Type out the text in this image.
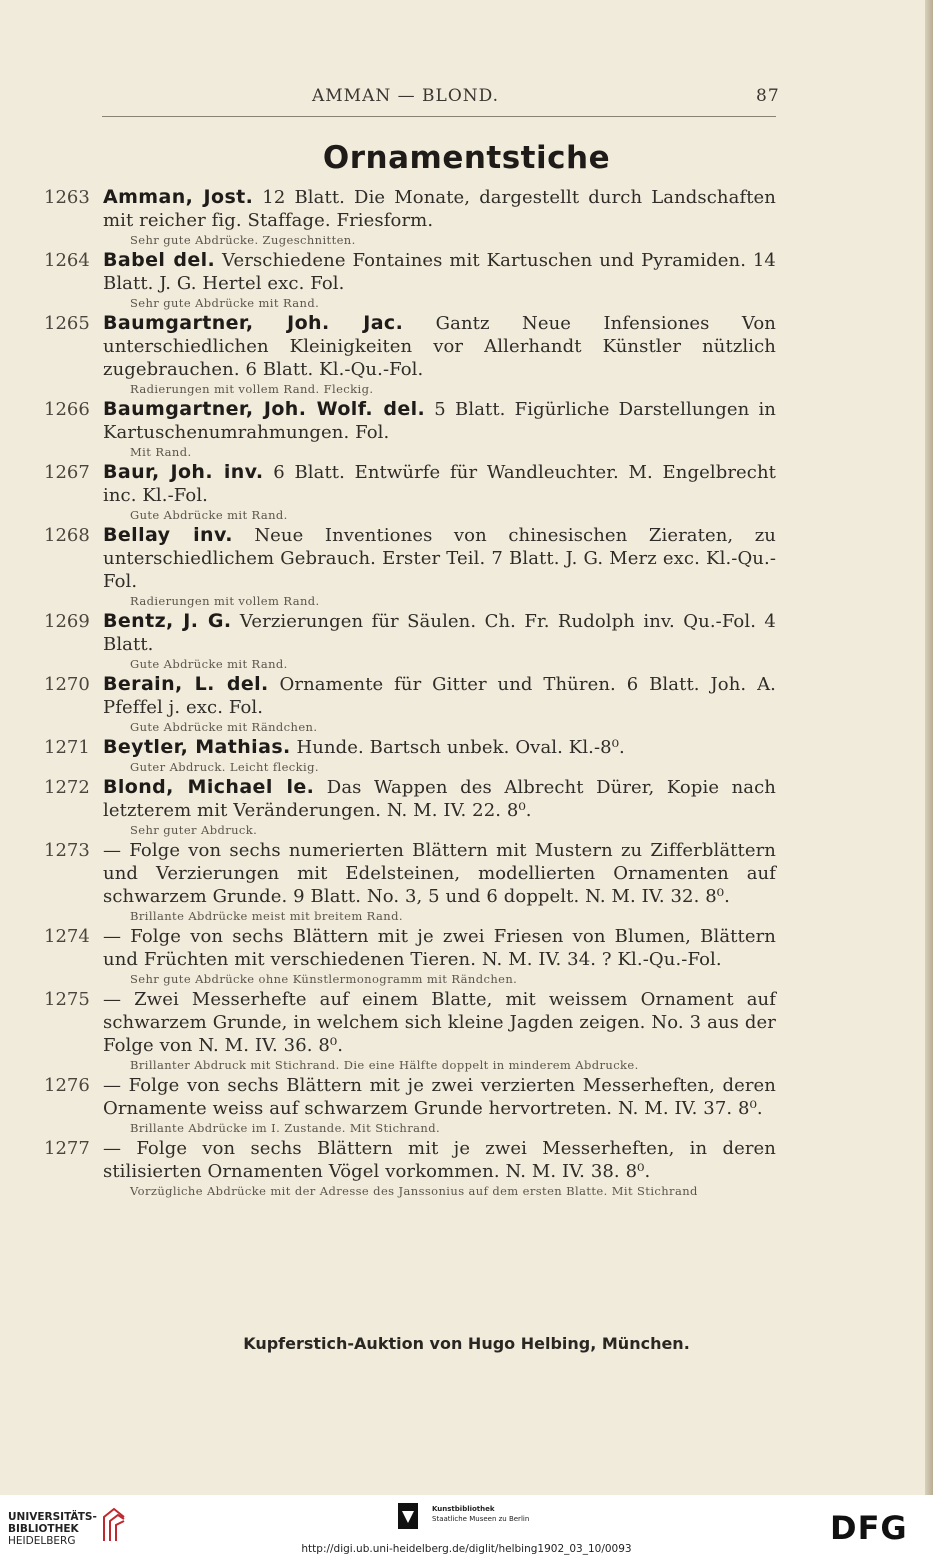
AMMAN — BLOND.	87
Ornamentstiche
1263 Amman, Jost. 12 Blatt. Die Monate, dargestellt durch Landschaften mit reicher fig. Staffage. Friesform.
Sehr gute Abdrücke. Zugeschnitten.
1264 Babel del. Verschiedene Fontaines mit Kartuschen und Pyramiden. 14 Blatt. J. G. Hertel exc. Fol.
Sehr gute Abdrücke mit Rand.
1265 Baumgartner, Joh. Jac. Gantz Neue Infensiones Von unterschiedlichen Kleinigkeiten vor Allerhandt Künstler nützlich zugebrauchen. 6 Blatt. Kl.-Qu.-Fol.
Radierungen mit vollem Rand. Fleckig.
1266 Baumgartner, Joh. Wolf. del. 5 Blatt. Figürliche Darstellungen in Kartuschenumrahmungen. Fol.
Mit Rand.
1267 Baur, Joh. inv. 6 Blatt. Entwürfe für Wandleuchter. M. Engelbrecht inc. Kl.-Fol.
Gute Abdrücke mit Rand.
1268 Bellay inv. Neue Inventiones von chinesischen Zieraten, zu unterschiedlichem Gebrauch. Erster Teil. 7 Blatt. J. G. Merz exc. Kl.-Qu.-Fol.
Radierungen mit vollem Rand.
1269 Bentz, J. G. Verzierungen für Säulen. Ch. Fr. Rudolph inv. Qu.-Fol. 4 Blatt.
Gute Abdrücke mit Rand.
1270 Berain, L. del. Ornamente für Gitter und Thüren. 6 Blatt. Joh. A. Pfeffel j. exc. Fol.
Gute Abdrücke mit Rändchen.
1271 Beytler, Mathias. Hunde. Bartsch unbek. Oval. Kl.-8⁰.
Guter Abdruck. Leicht fleckig.
1272 Blond, Michael le. Das Wappen des Albrecht Dürer, Kopie nach letzterem mit Veränderungen. N. M. IV. 22. 8⁰.
Sehr guter Abdruck.
1273 — Folge von sechs numerierten Blättern mit Mustern zu Zifferblättern und Verzierungen mit Edelsteinen, modellierten Ornamenten auf schwarzem Grunde. 9 Blatt. No. 3, 5 und 6 doppelt. N. M. IV. 32. 8⁰.
Brillante Abdrücke meist mit breitem Rand.
1274 — Folge von sechs Blättern mit je zwei Friesen von Blumen, Blättern und Früchten mit verschiedenen Tieren. N. M. IV. 34. ? Kl.-Qu.-Fol.
Sehr gute Abdrücke ohne Künstlermonogramm mit Rändchen.
1275 — Zwei Messerhefte auf einem Blatte, mit weissem Ornament auf schwarzem Grunde, in welchem sich kleine Jagden zeigen. No. 3 aus der Folge von N. M. IV. 36. 8⁰.
Brillanter Abdruck mit Stichrand. Die eine Hälfte doppelt in minderem Abdrucke.
1276 — Folge von sechs Blättern mit je zwei verzierten Messerheften, deren Ornamente weiss auf schwarzem Grunde hervortreten. N. M. IV. 37. 8⁰.
Brillante Abdrücke im I. Zustande. Mit Stichrand.
1277 — Folge von sechs Blättern mit je zwei Messerheften, in deren stilisierten Ornamenten Vögel vorkommen. N. M. IV. 38. 8⁰.
Vorzügliche Abdrücke mit der Adresse des Janssonius auf dem ersten Blatte. Mit Stichrand
Kupferstich-Auktion von Hugo Helbing, München.
UNIVERSITÄTS-
BIBLIOTHEK
HEIDELBERG
Kunstbibliothek
Staatliche Museen zu Berlin	DFG
http://digi.ub.uni-heidelberg.de/diglit/helbing1902_03_10/0093
